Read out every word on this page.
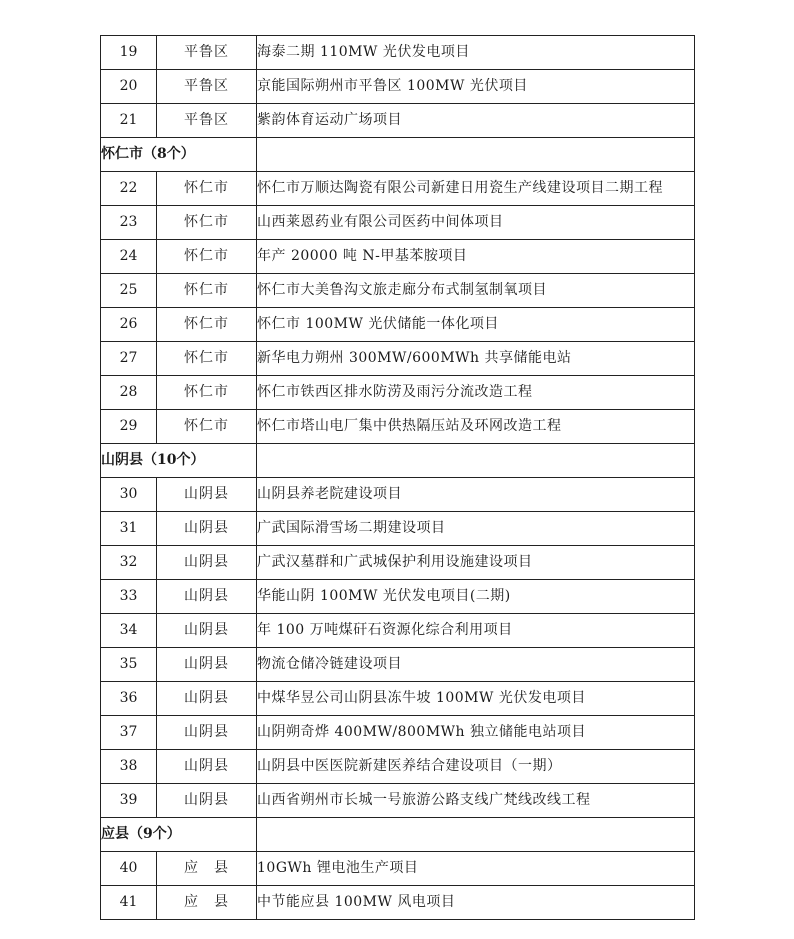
19	平鲁区	海泰二期 110MW 光伏发电项目
20	平鲁区	京能国际朔州市平鲁区 100MW 光伏项目
21	平鲁区	紫韵体育运动广场项目
怀仁市（8个）		
22	怀仁市	怀仁市万顺达陶瓷有限公司新建日用瓷生产线建设项目二期工程
23	怀仁市	山西莱恩药业有限公司医药中间体项目
24	怀仁市	年产 20000 吨 N-甲基苯胺项目
25	怀仁市	怀仁市大美鲁沟文旅走廊分布式制氢制氧项目
26	怀仁市	怀仁市 100MW 光伏储能一体化项目
27	怀仁市	新华电力朔州 300MW/600MWh 共享储能电站
28	怀仁市	怀仁市铁西区排水防涝及雨污分流改造工程
29	怀仁市	怀仁市塔山电厂集中供热隔压站及环网改造工程
山阴县（10个）		
30	山阴县	山阴县养老院建设项目
31	山阴县	广武国际滑雪场二期建设项目
32	山阴县	广武汉墓群和广武城保护利用设施建设项目
33	山阴县	华能山阴 100MW 光伏发电项目(二期)
34	山阴县	年 100 万吨煤矸石资源化综合利用项目
35	山阴县	物流仓储冷链建设项目
36	山阴县	中煤华昱公司山阴县冻牛坡 100MW 光伏发电项目
37	山阴县	山阴朔奇烨 400MW/800MWh 独立储能电站项目
38	山阴县	山阴县中医医院新建医养结合建设项目（一期）
39	山阴县	山西省朔州市长城一号旅游公路支线广梵线改线工程
应县（9个）		
40	应　县	10GWh 锂电池生产项目
41	应　县	中节能应县 100MW 风电项目
